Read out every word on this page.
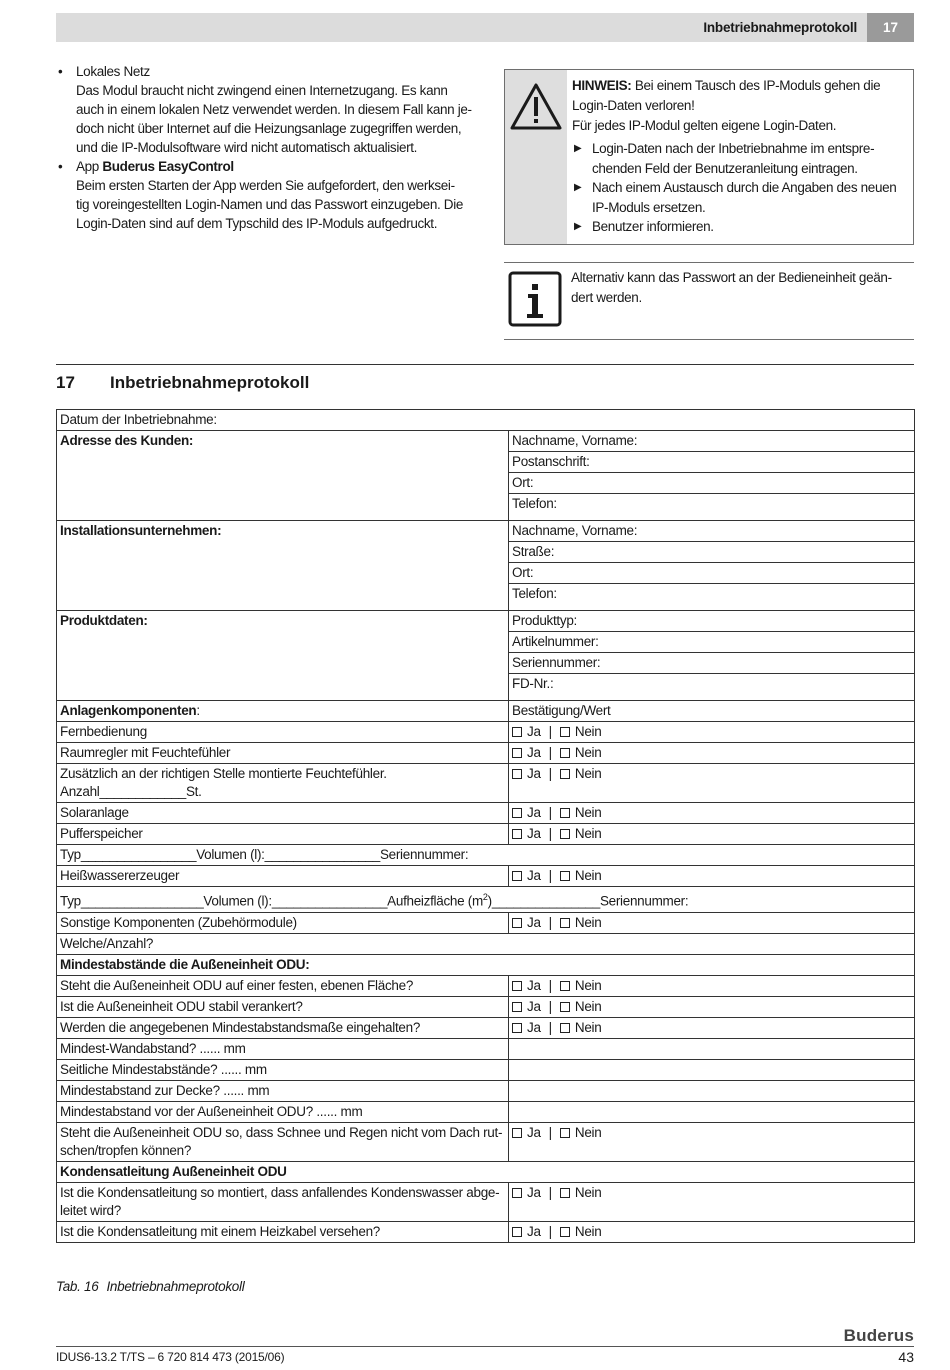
Inbetriebnahmeprotokoll	17
• Lokales Netz
Das Modul braucht nicht zwingend einen Internetzugang. Es kann
auch in einem lokalen Netz verwendet werden. In diesem Fall kann je-
doch nicht über Internet auf die Heizungsanlage zugegriffen werden,
und die IP-Modulsoftware wird nicht automatisch aktualisiert.
• App Buderus EasyControl
Beim ersten Starten der App werden Sie aufgefordert, den werksei-
tig voreingestellten Login-Namen und das Passwort einzugeben. Die
Login-Daten sind auf dem Typschild des IP-Moduls aufgedruckt.
HINWEIS: Bei einem Tausch des IP-Moduls gehen die
Login-Daten verloren!
Für jedes IP-Modul gelten eigene Login-Daten.
▶ Login-Daten nach der Inbetriebnahme im entspre-
chenden Feld der Benutzeranleitung eintragen.
▶ Nach einem Austausch durch die Angaben des neuen
IP-Moduls ersetzen.
▶ Benutzer informieren.
Alternativ kann das Passwort an der Bedieneinheit geän-
dert werden.
17	Inbetriebnahmeprotokoll
Datum der Inbetriebnahme:	
Adresse des Kunden:	Nachname, Vorname:
	Postanschrift:
	Ort:
	Telefon:
Installationsunternehmen:	Nachname, Vorname:
	Straße:
	Ort:
	Telefon:
Produktdaten:	Produkttyp:
	Artikelnummer:
	Seriennummer:
	FD-Nr.:
Anlagenkomponenten:	Bestätigung/Wert
Fernbedienung	Ja | Nein
Raumregler mit Feuchtefühler	Ja | Nein

Zusätzlich an der richtigen Stelle montierte Feuchtefühler.
Anzahl____________St.	Ja | Nein
Solaranlage	Ja | Nein
Pufferspeicher	Ja | Nein
Typ________________Volumen (l):________________Seriennummer:	
Heißwassererzeuger	Ja | Nein
Typ_________________Volumen (l):________________Aufheizfläche $(m^2)\_\_\_\_\_\_\_\_\_\_\_\_\_\_\_Seriennummer$:	
Sonstige Komponenten (Zubehörmodule)	Ja | Nein
Welche/Anzahl?	
Mindestabstände die Außeneinheit ODU:	
Steht die Außeneinheit ODU auf einer festen, ebenen Fläche?	Ja | Nein
Ist die Außeneinheit ODU stabil verankert?	Ja | Nein
Werden die angegebenen Mindestabstandsmaße eingehalten?	Ja | Nein
Mindest-Wandabstand? ...... mm	
Seitliche Mindestabstände? ...... mm	
Mindestabstand zur Decke? ...... mm	
Mindestabstand vor der Außeneinheit ODU? ...... mm	

Steht die Außeneinheit ODU so, dass Schnee und Regen nicht vom Dach rut-
schen/tropfen können?	Ja | Nein
Kondensatleitung Außeneinheit ODU	

Ist die Kondensatleitung so montiert, dass anfallendes Kondenswasser abge-
leitet wird?	Ja | Nein
Ist die Kondensatleitung mit einem Heizkabel versehen?	Ja | Nein
Tab. 16 Inbetriebnahmeprotokoll
Buderus
IDUS6-13.2 T/TS – 6 720 814 473 (2015/06)	43
